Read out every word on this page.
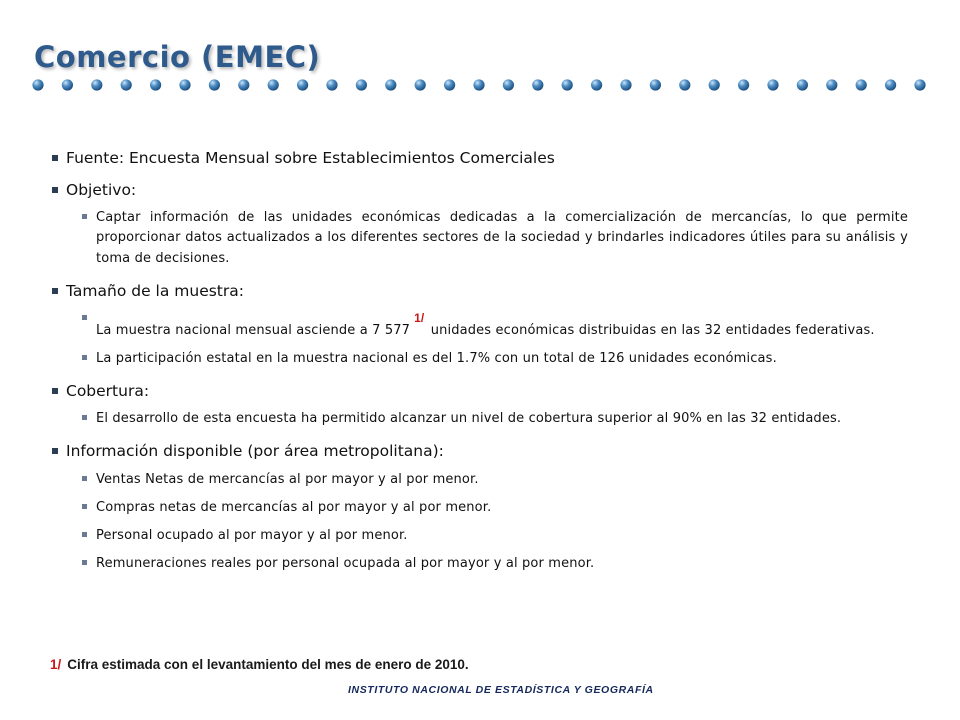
Comercio (EMEC)
Fuente: Encuesta Mensual sobre Establecimientos Comerciales
Objetivo:
Captar información de las unidades económicas dedicadas a la comercialización de mercancías, lo que permite proporcionar datos actualizados a los diferentes sectores de la sociedad y brindarles indicadores útiles para su análisis y toma de decisiones.
Tamaño de la muestra:
La muestra nacional mensual asciende a 7 5771/ unidades económicas distribuidas en las 32 entidades federativas.
La participación estatal en la muestra nacional es del 1.7% con un total de 126 unidades económicas.
Cobertura:
El desarrollo de esta encuesta ha permitido alcanzar un nivel de cobertura superior al 90% en las 32 entidades.
Información disponible (por área metropolitana):
Ventas Netas de mercancías al por mayor y al por menor.
Compras netas de mercancías al por mayor y al por menor.
Personal ocupado al por mayor y al por menor.
Remuneraciones reales por personal ocupada al por mayor y al por menor.
1/ Cifra estimada con el levantamiento del mes de enero de 2010.
INSTITUTO NACIONAL DE ESTADÍSTICA Y GEOGRAFÍA
